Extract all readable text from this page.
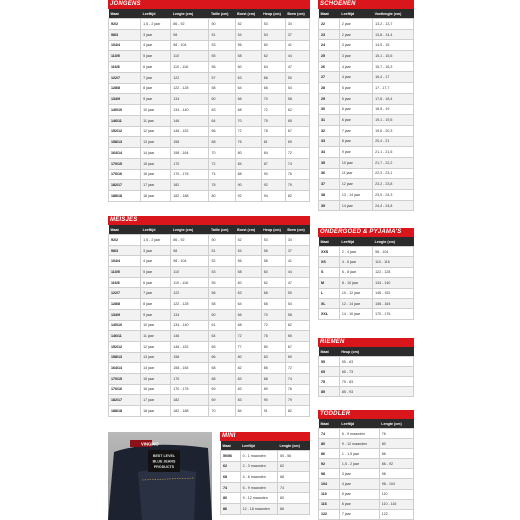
JONGENS
Maat	Leeftijd	Lengte (cm)	Taille (cm)	Borst (cm)	Heup (cm)	Been (cm)
92/2	1,5 - 2 jaar	86 - 92	50	52	53	34
98/3	3 jaar	98	51	54	54	37
104/4	4 jaar	98 - 104	53	56	60	41
110/5	5 jaar	110	55	58	62	44
116/6	6 jaar	110 - 116	56	60	64	47
122/7	7 jaar	122	57	63	66	50
128/8	8 jaar	122 - 128	58	64	68	54
134/9	9 jaar	134	60	66	70	58
140/10	10 jaar	134 - 140	63	68	72	62
146/11	11 jaar	146	64	70	75	65
152/12	12 jaar	146 - 152	66	72	78	67
158/13	13 jaar	158	68	76	81	69
164/14	14 jaar	158 - 164	70	80	84	72
170/15	15 jaar	170	72	84	87	74
176/16	16 jaar	170 - 176	74	88	90	76
182/17	17 jaar	182	78	90	92	79
188/18	18 jaar	182 - 188	80	92	94	82
MEISJES
Maat	Leeftijd	Lengte (cm)	Taille (cm)	Borst (cm)	Heup (cm)	Been (cm)
92/2	1,5 - 2 jaar	86 - 92	50	52	53	34
98/3	3 jaar	98	51	54	56	37
104/4	4 jaar	98 - 104	52	56	58	41
110/5	5 jaar	110	53	58	60	44
116/6	6 jaar	110 - 116	55	60	62	47
122/7	7 jaar	122	56	63	66	50
128/8	8 jaar	122 - 128	58	64	68	54
134/9	9 jaar	134	60	66	70	58
140/10	10 jaar	134 - 140	61	68	72	62
146/11	11 jaar	146	64	72	76	65
152/12	12 jaar	146 - 152	65	77	80	67
158/13	13 jaar	158	66	80	83	69
164/14	14 jaar	158 - 164	68	82	86	72
170/15	15 jaar	170	68	83	88	74
176/16	16 jaar	170 - 176	69	83	89	76
182/17	17 jaar	182	69	83	90	79
188/18	18 jaar	182 - 188	70	84	91	82
SCHOENEN
Maat	Leeftijd	Voetlengte (cm)
22	2 jaar	13,2 - 13,7
23	2 jaar	13,8 - 14,4
24	3 jaar	14,5 - 15
25	3 jaar	15,1 - 15,6
26	4 jaar	15,7 - 16,3
27	4 jaar	16,4 - 17
28	5 jaar	17 - 17,7
29	5 jaar	17,8 - 18,4
30	6 jaar	18,5 - 19
31	6 jaar	19,1 - 19,5
32	7 jaar	19,6 - 20,3
33	8 jaar	20,4 - 21
34	9 jaar	21,1 - 21,6
35	10 jaar	21,7 - 22,2
36	11 jaar	22,3 - 23,1
37	12 jaar	23,2 - 23,8
38	13 - 14 jaar	23,9 - 24,3
39	14 jaar	24,4 - 24,8
ONDERGOED & PYJAMA'S
Maat	Leeftijd	Lengte (cm)
XXS	2 - 4 jaar	98 - 104
XS	4 - 6 jaar	110 - 116
S	6 - 8 jaar	122 - 128
M	8 - 10 jaar	134 - 140
L	10 - 12 jaar	146 - 152
XL	12 - 14 jaar	158 - 164
XXL	14 - 16 jaar	170 - 176
RIEMEN
Maat	Heup (cm)
55	55 - 63
65	65 - 73
75	75 - 83
85	85 - 93
TODDLER
Maat	Leeftijd	Lengte (cm)
74	6 - 9 maanden	76
80	9 - 12 maanden	80
86	1 - 1,5 jaar	86
92	1,5 - 2 jaar	86 - 92
98	3 jaar	98
104	4 jaar	98 - 104
110	5 jaar	110
116	6 jaar	110 - 116
122	7 jaar	122
MINI
Maat	Leeftijd	Lengte (cm)
50/56	0 - 1 maanden	50 - 56
62	2 - 3 maanden	62
68	4 - 6 maanden	68
74	6 - 9 maanden	74
80	9 - 12 maanden	80
86	12 - 18 maanden	86
VINGINO
BEST LEVEL
BLUE JEANS
PRODUCTS
